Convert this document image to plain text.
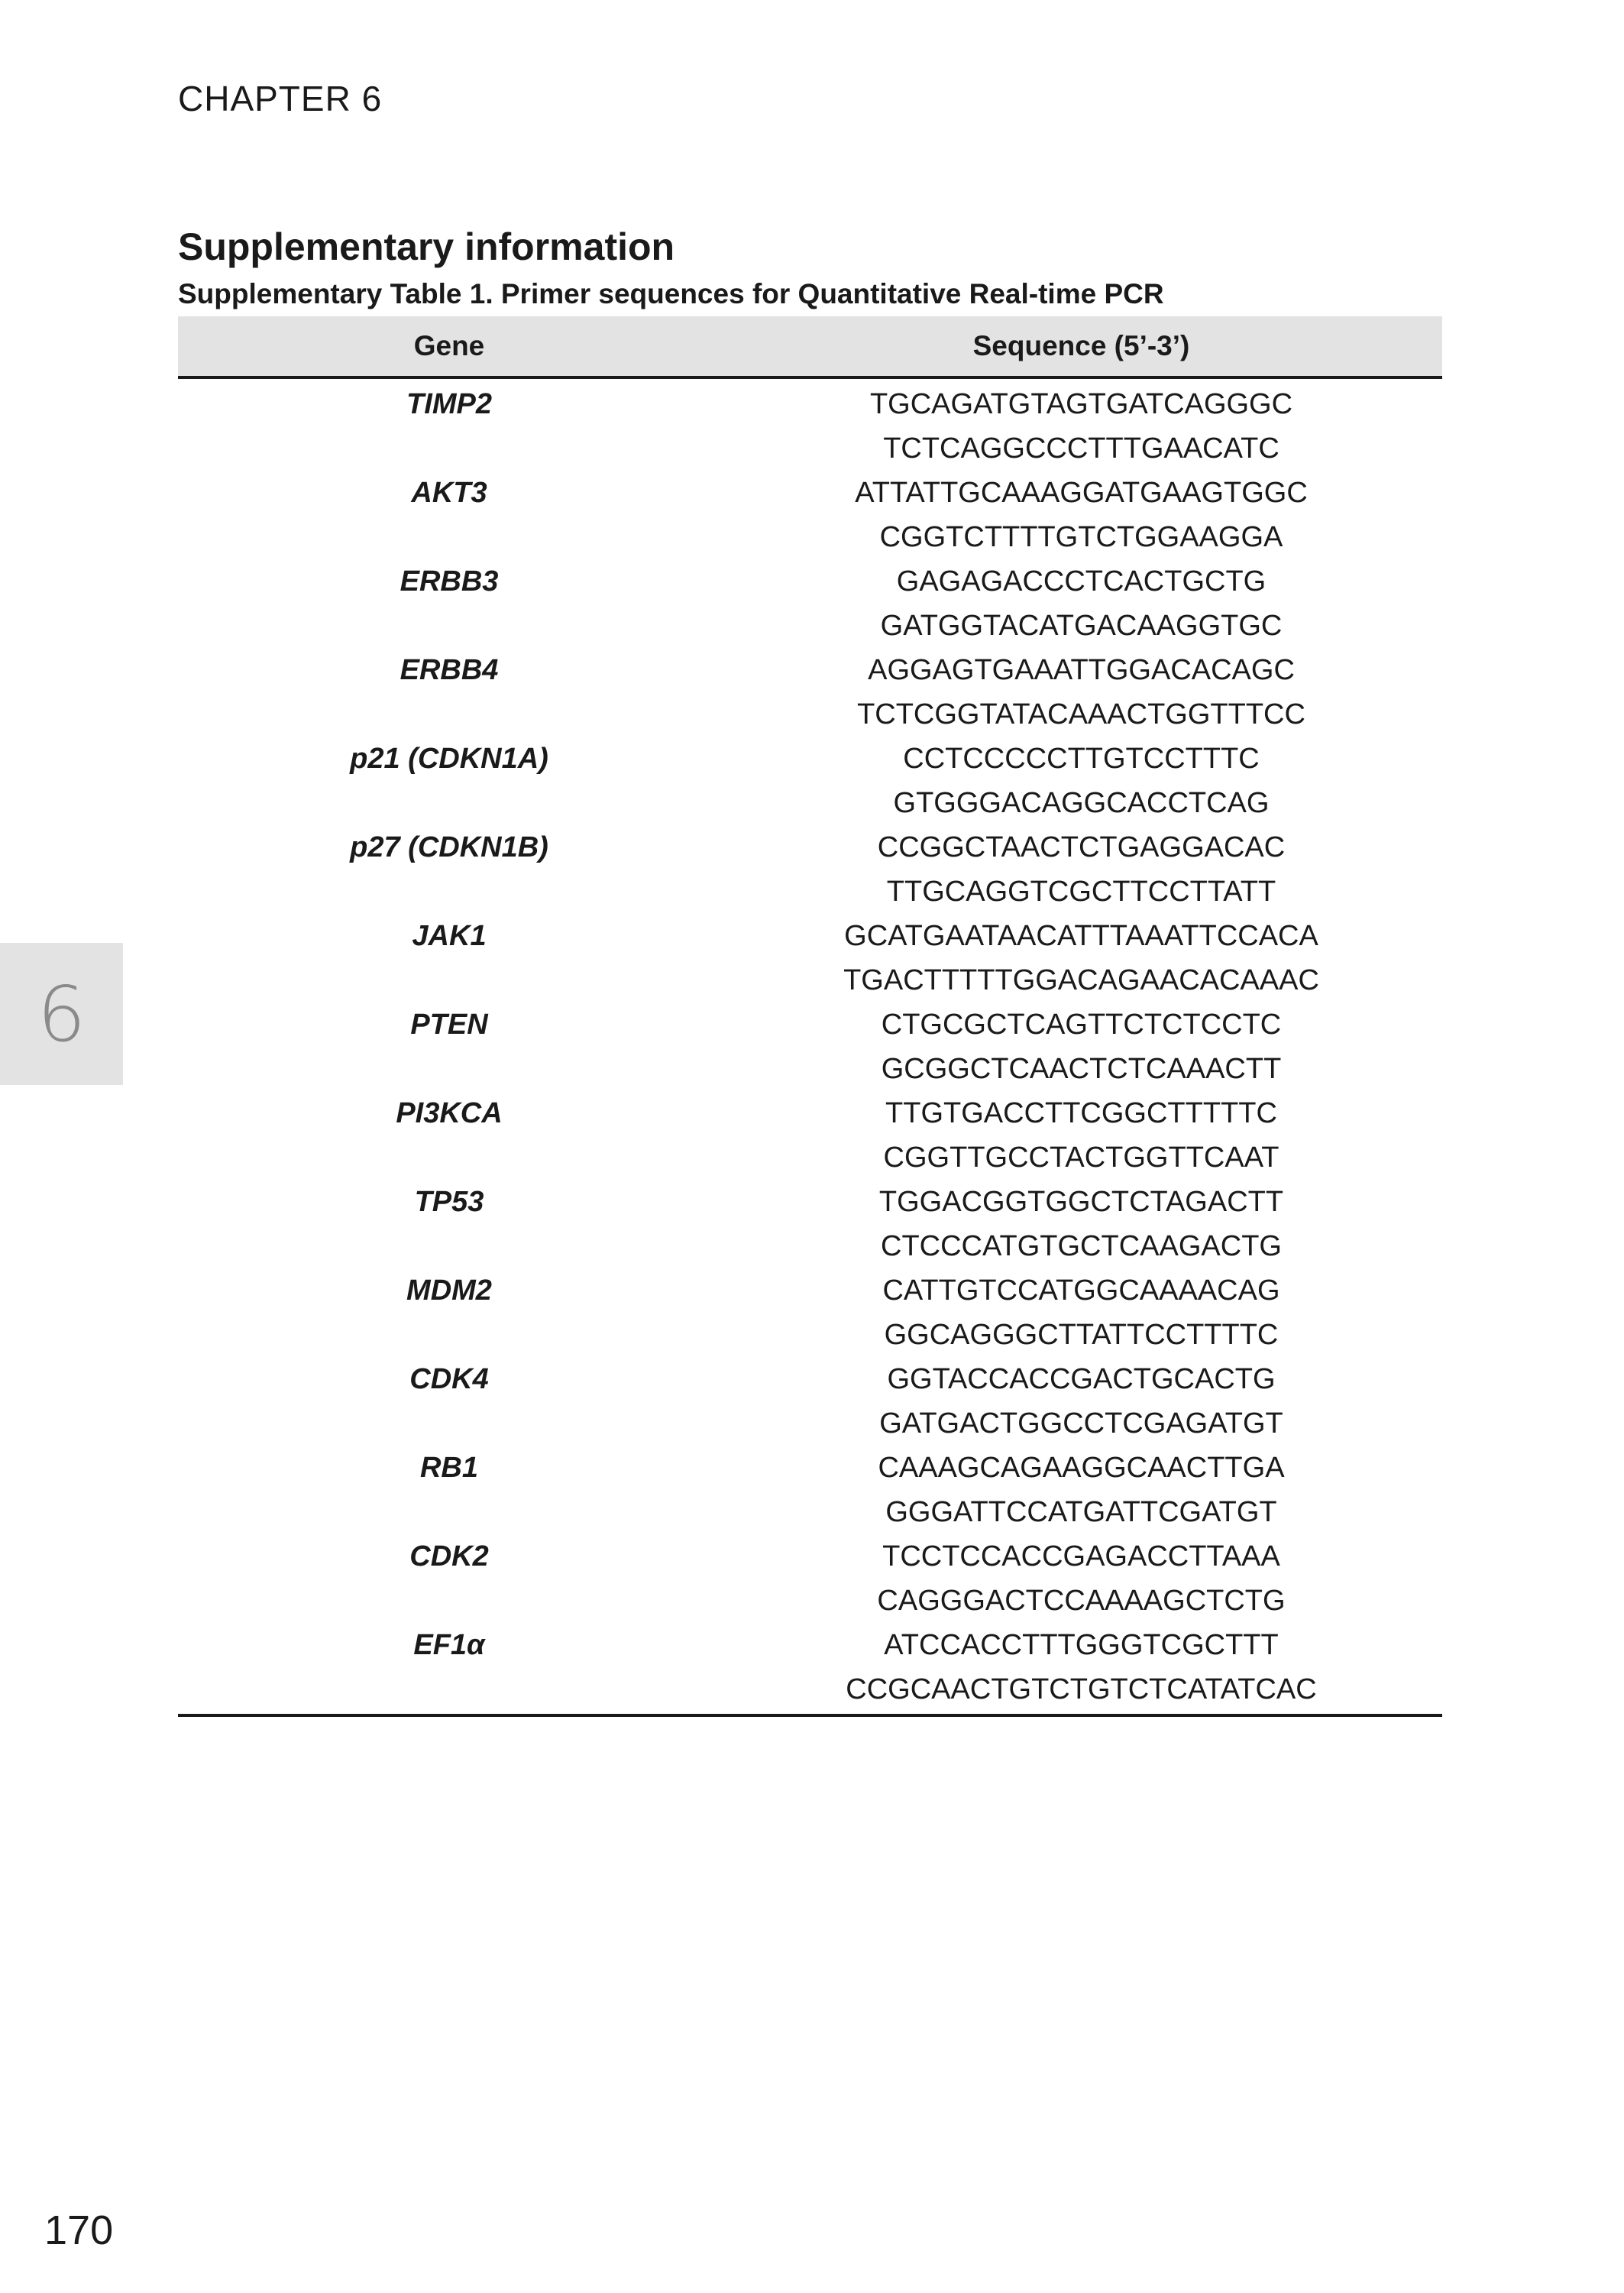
CHAPTER 6
Supplementary information
Supplementary Table 1. Primer sequences for Quantitative Real-time PCR
Gene	Sequence (5’-3’)
TIMP2	TGCAGATGTAGTGATCAGGGC
	TCTCAGGCCCTTTGAACATC
AKT3	ATTATTGCAAAGGATGAAGTGGC
	CGGTCTTTTGTCTGGAAGGA
ERBB3	GAGAGACCCTCACTGCTG
	GATGGTACATGACAAGGTGC
ERBB4	AGGAGTGAAATTGGACACAGC
	TCTCGGTATACAAACTGGTTTCC
p21 (CDKN1A)	CCTCCCCCTTGTCCTTTC
	GTGGGACAGGCACCTCAG
p27 (CDKN1B)	CCGGCTAACTCTGAGGACAC
	TTGCAGGTCGCTTCCTTATT
JAK1	GCATGAATAACATTTAAATTCCACA
	TGACTTTTTGGACAGAACACAAAC
PTEN	CTGCGCTCAGTTCTCTCCTC
	GCGGCTCAACTCTCAAACTT
PI3KCA	TTGTGACCTTCGGCTTTTTC
	CGGTTGCCTACTGGTTCAAT
TP53	TGGACGGTGGCTCTAGACTT
	CTCCCATGTGCTCAAGACTG
MDM2	CATTGTCCATGGCAAAACAG
	GGCAGGGCTTATTCCTTTTC
CDK4	GGTACCACCGACTGCACTG
	GATGACTGGCCTCGAGATGT
RB1	CAAAGCAGAAGGCAACTTGA
	GGGATTCCATGATTCGATGT
CDK2	TCCTCCACCGAGACCTTAAA
	CAGGGACTCCAAAAGCTCTG
EF1α	ATCCACCTTTGGGTCGCTTT
	CCGCAACTGTCTGTCTCATATCAC
6
170
